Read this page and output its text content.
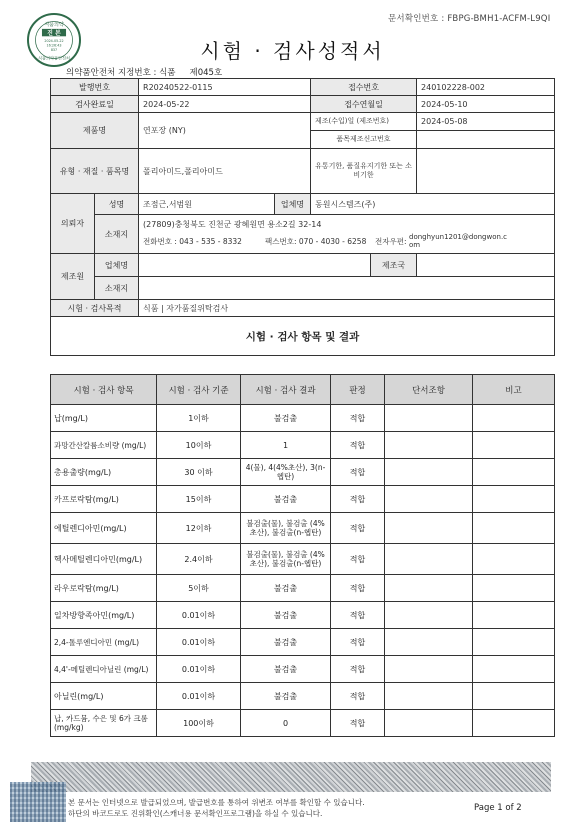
문서확인번호 : FBPG-BMH1-ACFM-L9QI
식품의약
진 본
2024-05-22
16:26:43
837
식품의약품안전처	시험 · 검사성적서
의약품안전처 지정번호 : 식품 제045호
발행번호		R20240522-0115		접수번호		240102228-002
검사완료일		2024-05-22		접수연월일		2024-05-10
제품명		연포장 (NY)		제조(수입)일 (제조번호)		2024-05-08
				품목제조신고번호		
유형 · 재질 · 품목명		폴리아미드,폴리아미드		유통기한, 품질유지기한 또는 소비기한		
의뢰자	성명	조점근,서범원	업체명	동원시스템즈(주)		
	소재지	(27809)충청북도 진천군 광혜원면 용소2길 32-14
전화번호 : 043 - 535 - 8332 팩스번호: 070 - 4030 - 6258 전자우편: donghyun1201@dongwon.com				

제조원	업체명				제조국	
	소재지					
시험 · 검사목적		식품 | 자가품질위탁검사				
시험 · 검사 항목 및 결과						
시험 · 검사 항목	시험 · 검사 기준	시험 · 검사 결과	판정	단서조항	비고
납(mg/L)	1이하	불검출	적합		
과망간산칼륨소비량 (mg/L)	10이하	1	적합		
총용출량(mg/L)	30 이하	4(물), 4(4%초산), 3(n-헵탄)	적합		
카프로락탐(mg/L)	15이하	불검출	적합		
에틸렌디아민(mg/L)	12이하	불검출(물), 불검출 (4%초산), 불검출(n-헵탄)	적합		
헥사메틸렌디아민(mg/L)	2.4이하	불검출(물), 불검출 (4%초산), 불검출(n-헵탄)	적합		
라우로락탐(mg/L)	5이하	불검출	적합		
일차방향족아민(mg/L)	0.01이하	불검출	적합		
2,4-톨루엔디아민 (mg/L)	0.01이하	불검출	적합		
4,4'-메틸렌디아닐린 (mg/L)	0.01이하	불검출	적합		
아닐린(mg/L)	0.01이하	불검출	적합		
납, 카드뮴, 수은 및 6가 크롬(mg/kg)	100이하	0	적합		
본 문서는 인터넷으로 발급되었으며, 발급번호를 통하여 위변조 여부를 확인할 수 있습니다.
하단의 바코드로도 진위확인(스캐너용 문서확인프로그램)을 하실 수 있습니다.
Page 1 of 2
